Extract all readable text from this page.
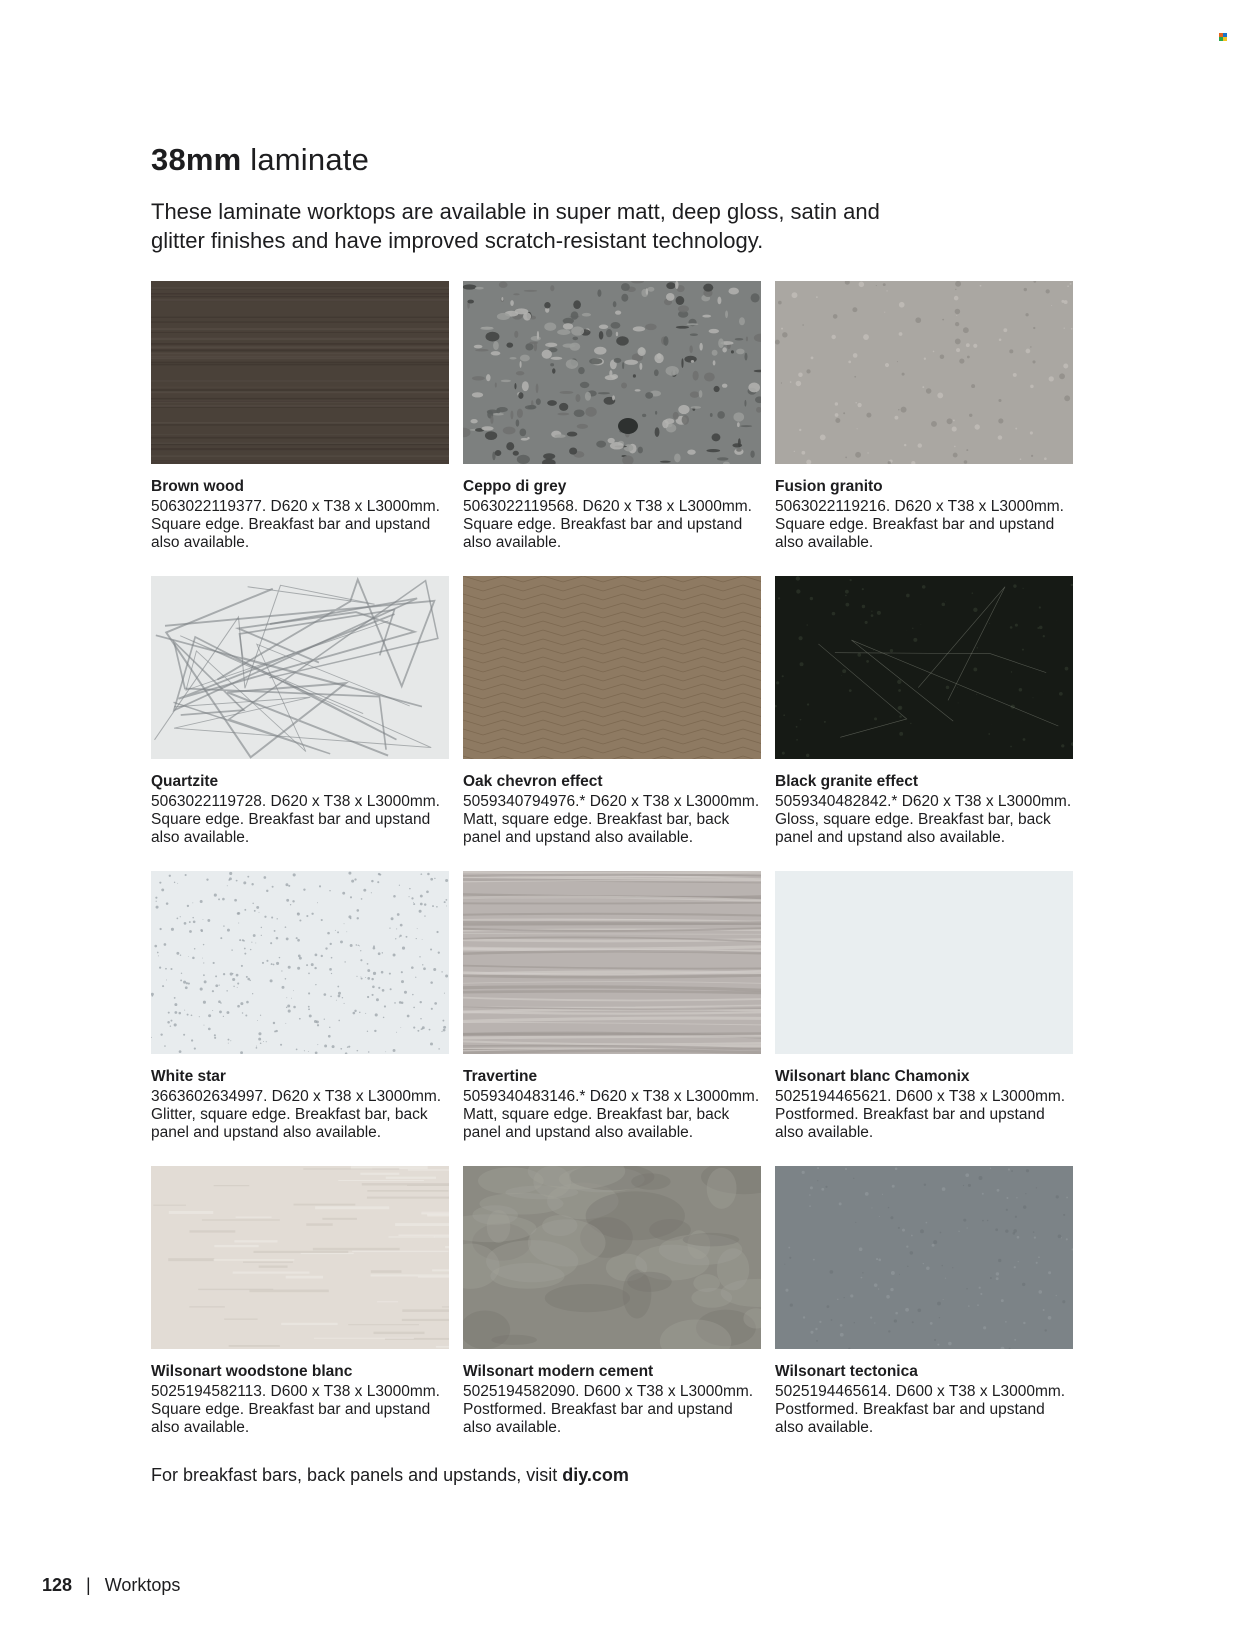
38mm laminate

These laminate worktops are available in super matt, deep gloss, satin and glitter finishes and have improved scratch-resistant technology.

Brown wood
5063022119377. D620 x T38 x L3000mm. Square edge. Breakfast bar and upstand also available.
Ceppo di grey
5063022119568. D620 x T38 x L3000mm. Square edge. Breakfast bar and upstand also available.
Fusion granito
5063022119216. D620 x T38 x L3000mm. Square edge. Breakfast bar and upstand also available.
Quartzite
5063022119728. D620 x T38 x L3000mm. Square edge. Breakfast bar and upstand also available.
Oak chevron effect
5059340794976.* D620 x T38 x L3000mm. Matt, square edge. Breakfast bar, back panel and upstand also available.
Black granite effect
5059340482842.* D620 x T38 x L3000mm. Gloss, square edge. Breakfast bar, back panel and upstand also available.
White star
3663602634997. D620 x T38 x L3000mm. Glitter, square edge. Breakfast bar, back panel and upstand also available.
Travertine
5059340483146.* D620 x T38 x L3000mm. Matt, square edge. Breakfast bar, back panel and upstand also available.
Wilsonart blanc Chamonix
5025194465621. D600 x T38 x L3000mm. Postformed. Breakfast bar and upstand also available.
Wilsonart woodstone blanc
5025194582113. D600 x T38 x L3000mm. Square edge. Breakfast bar and upstand also available.
Wilsonart modern cement
5025194582090. D600 x T38 x L3000mm. Postformed. Breakfast bar and upstand also available.
Wilsonart tectonica
5025194465614. D600 x T38 x L3000mm. Postformed. Breakfast bar and upstand also available.
For breakfast bars, back panels and upstands, visit diy.com
128 | Worktops
